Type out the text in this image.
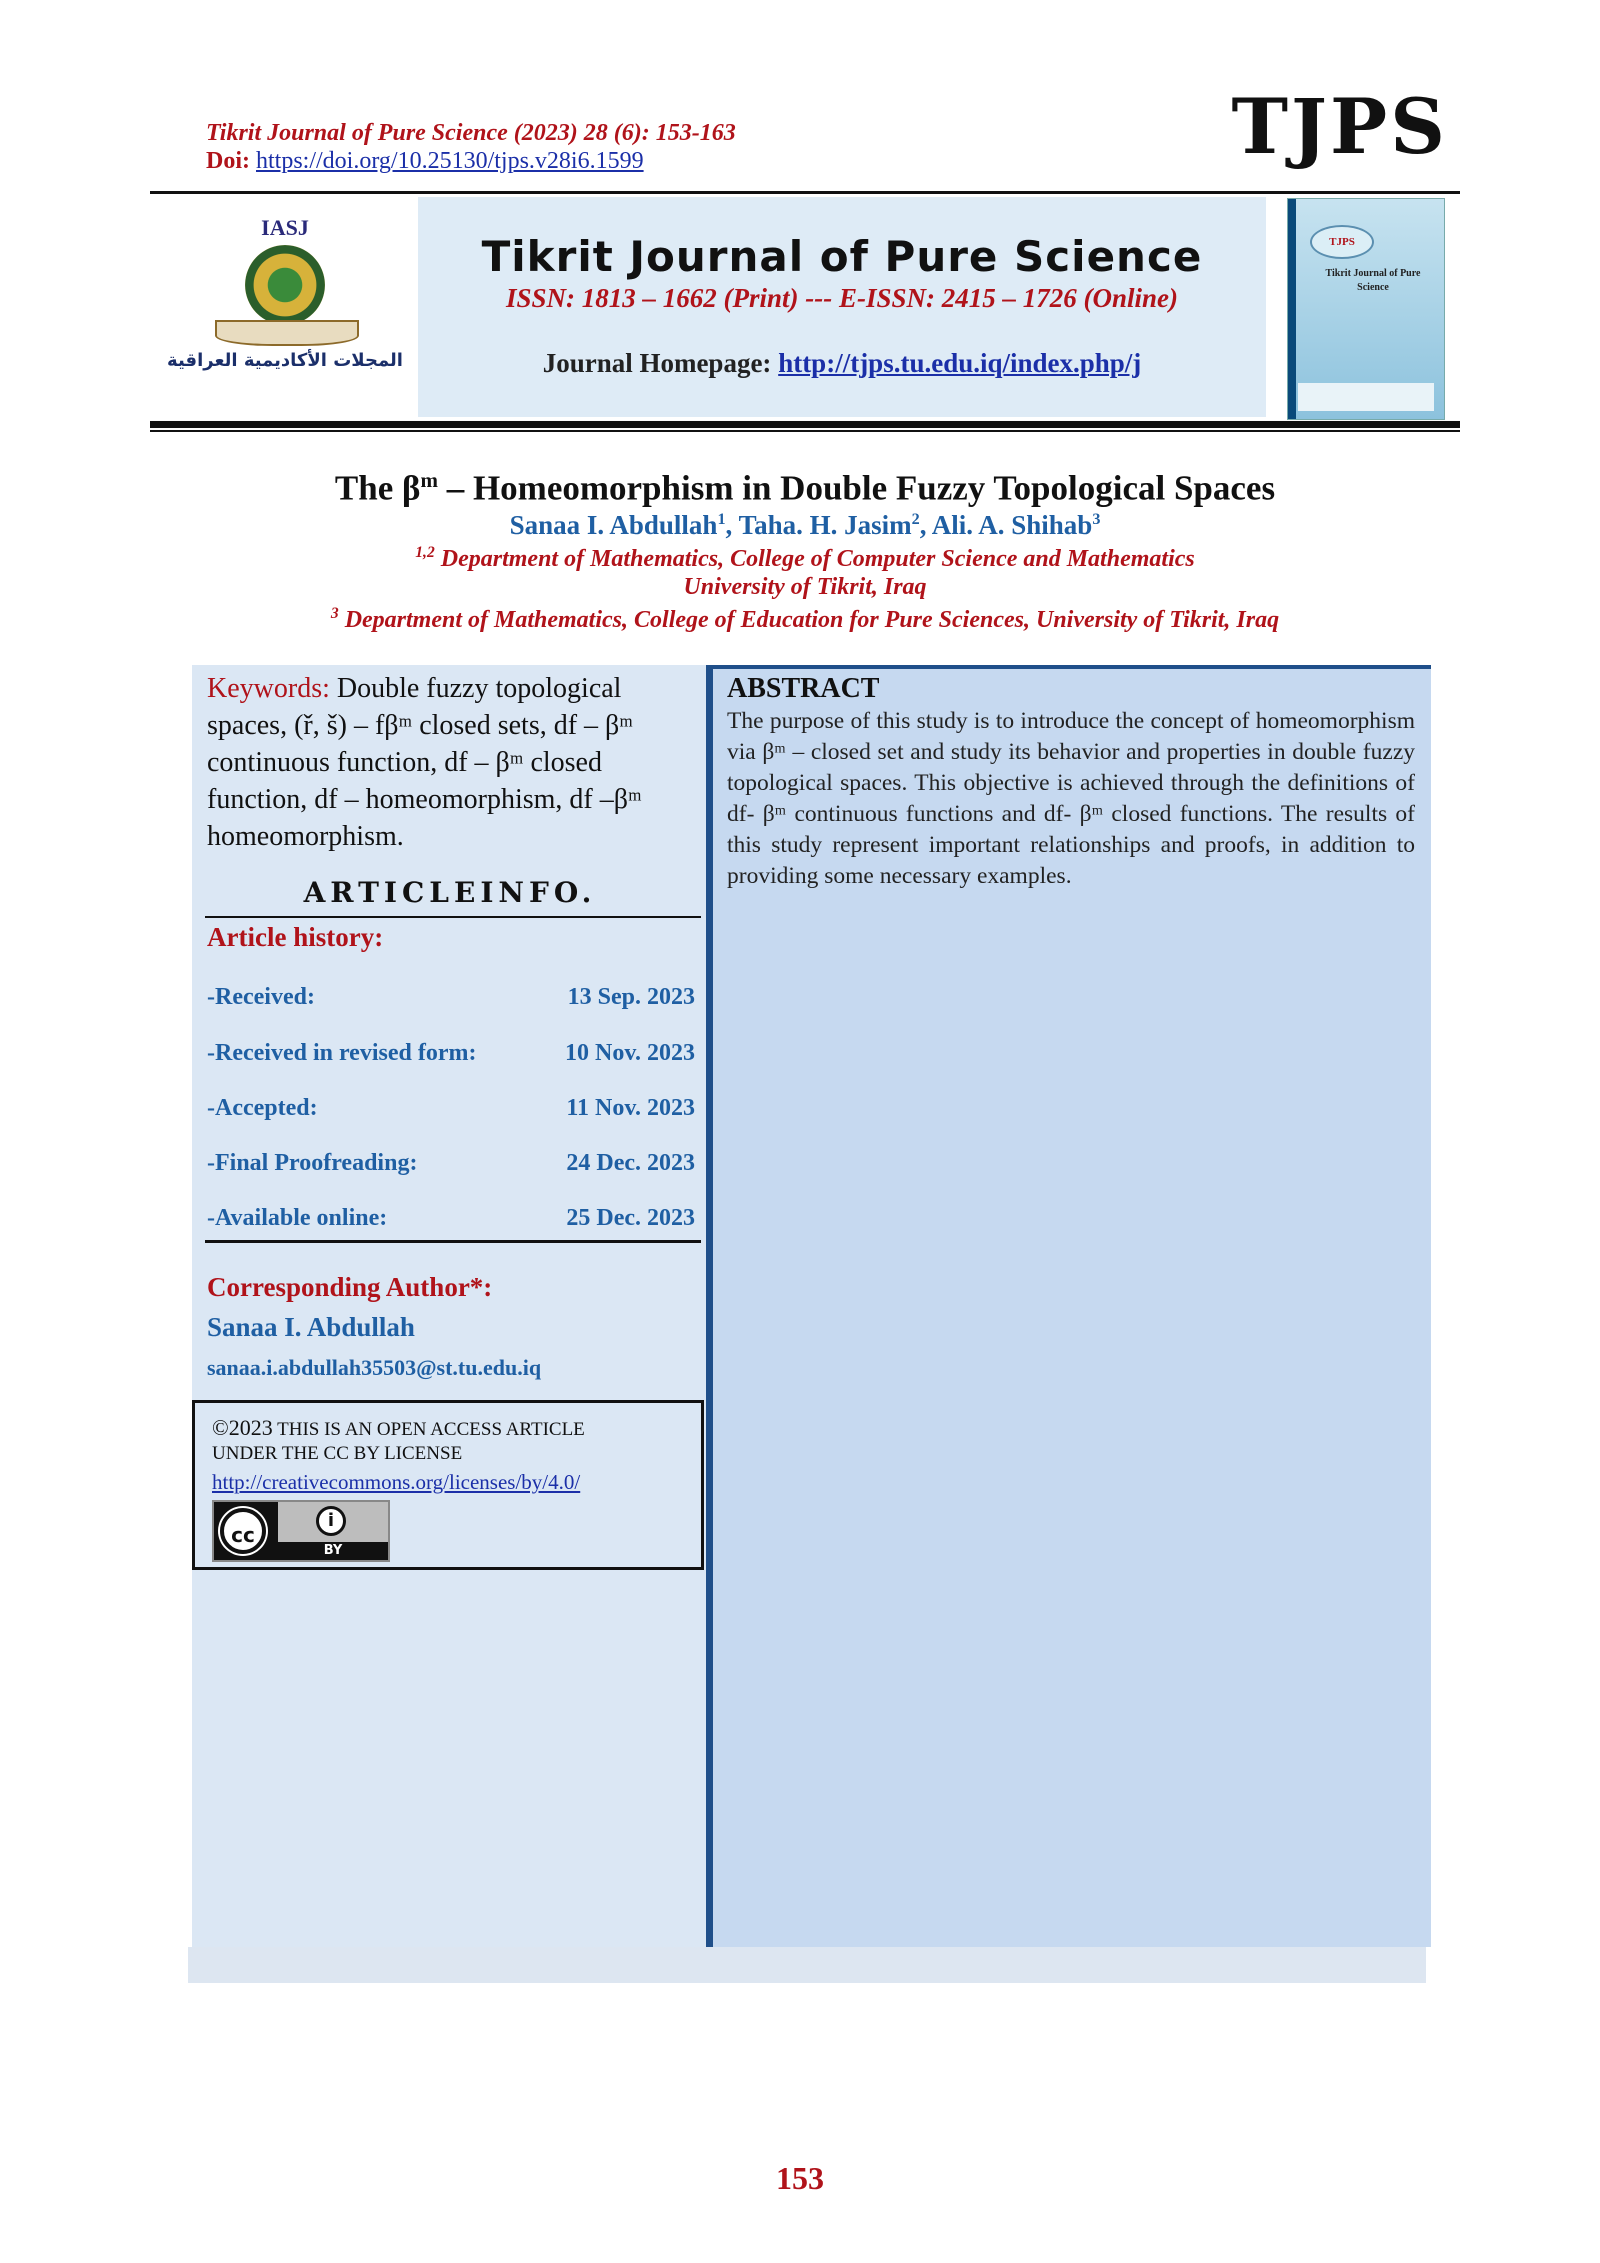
Tikrit Journal of Pure Science (2023) 28 (6): 153-163
Doi: https://doi.org/10.25130/tjps.v28i6.1599	TJPS
IASJ
المجلات الأكاديمية العراقية
Tikrit Journal of Pure Science
ISSN: 1813 – 1662 (Print) --- E-ISSN: 2415 – 1726 (Online)
Journal Homepage: http://tjps.tu.edu.iq/index.php/j
TJPS
Tikrit Journal of Pure Science
The $\beta^m$ – Homeomorphism in Double Fuzzy Topological Spaces
Sanaa I. Abdullah$^1$, Taha. H. Jasim$^2$, Ali. A. Shihab$^3$
$^{1,2}$ Department of Mathematics, College of Computer Science and Mathematics
University of Tikrit, Iraq
$^3$ Department of Mathematics, College of Education for Pure Sciences, University of Tikrit, Iraq
Keywords: Double fuzzy topological spaces, (ř, š) – fβᵐ closed sets, df – βᵐ continuous function, df – βᵐ closed function, df – homeomorphism, df –βᵐ homeomorphism.
ARTICLEINFO.
Article history:
-Received:	13 Sep. 2023
-Received in revised form:	10 Nov. 2023
-Accepted:	11 Nov. 2023
-Final Proofreading:	24 Dec. 2023
-Available online:	25 Dec. 2023
Corresponding Author*:
Sanaa I. Abdullah
sanaa.i.abdullah35503@st.tu.edu.iq
©2023 THIS IS AN OPEN ACCESS ARTICLE
UNDER THE CC BY LICENSE
http://creativecommons.org/licenses/by/4.0/
cc
i
BY
ABSTRACT
The purpose of this study is to introduce the concept of homeomorphism via βᵐ – closed set and study its behavior and properties in double fuzzy topological spaces. This objective is achieved through the definitions of df- βᵐ continuous functions and df- βᵐ closed functions. The results of this study represent important relationships and proofs, in addition to providing some necessary examples.
153
